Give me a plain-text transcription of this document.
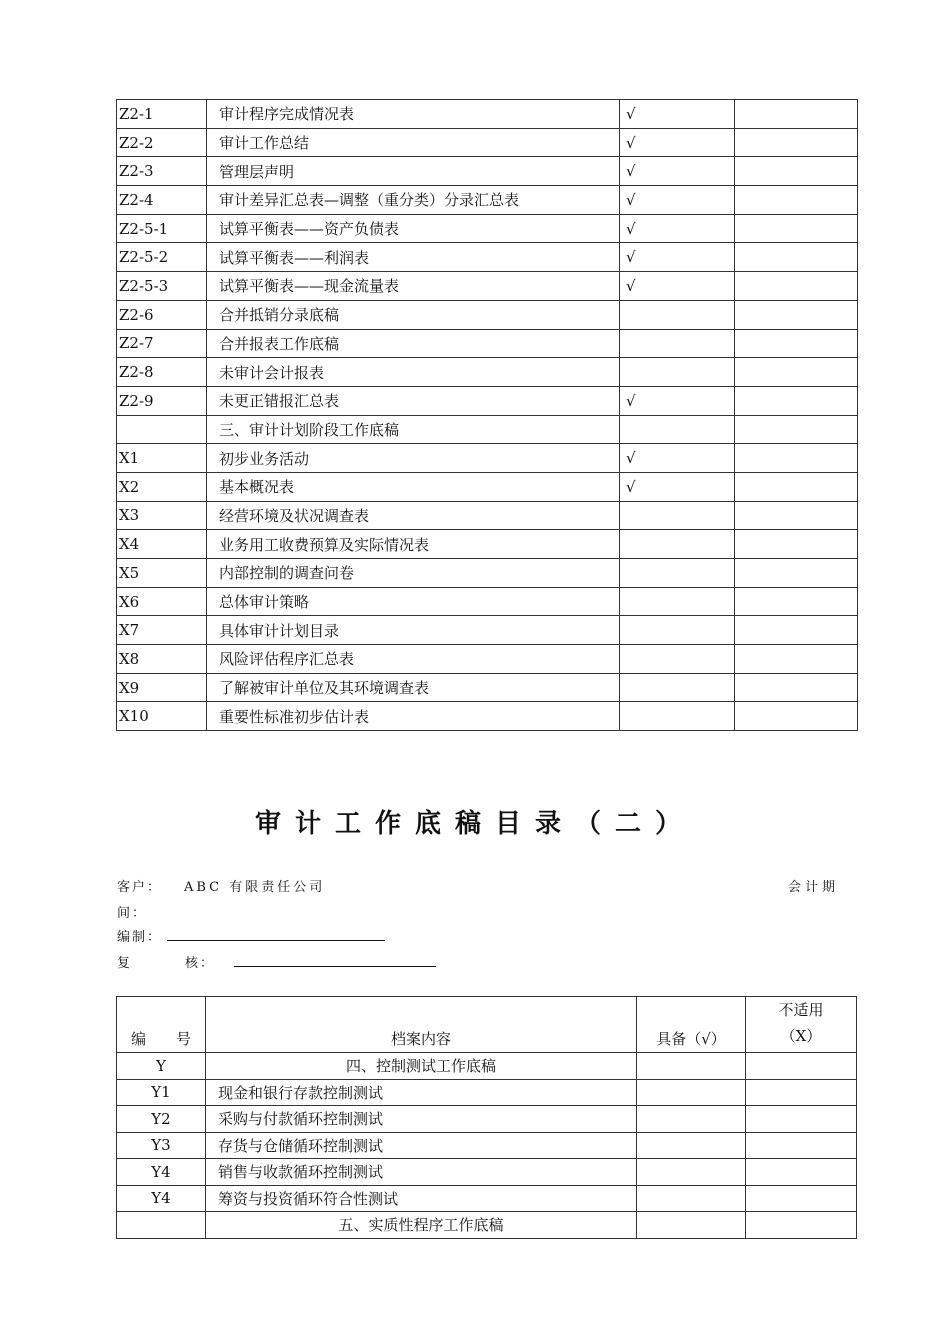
Z2-1	审计程序完成情况表	√	
Z2-2	审计工作总结	√	
Z2-3	管理层声明	√	
Z2-4	审计差异汇总表—调整（重分类）分录汇总表	√	
Z2-5-1	试算平衡表——资产负债表	√	
Z2-5-2	试算平衡表——利润表	√	
Z2-5-3	试算平衡表——现金流量表	√	
Z2-6	合并抵销分录底稿		
Z2-7	合并报表工作底稿		
Z2-8	未审计会计报表		
Z2-9	未更正错报汇总表	√	
	三、审计计划阶段工作底稿		
X1	初步业务活动	√	
X2	基本概况表	√	
X3	经营环境及状况调查表		
X4	业务用工收费预算及实际情况表		
X5	内部控制的调查问卷		
X6	总体审计策略		
X7	具体审计计划目录		
X8	风险评估程序汇总表		
X9	了解被审计单位及其环境调查表		
X10	重要性标准初步估计表		
审计工作底稿目录（二）
客户： ABC 有限责任公司	会计期
间：
编制：
复	核：
编　　号	档案内容	具备（√）	不适用
（X）
Y	四、控制测试工作底稿		
Y1	现金和银行存款控制测试		
Y2	采购与付款循环控制测试		
Y3	存货与仓储循环控制测试		
Y4	销售与收款循环控制测试		
Y4	筹资与投资循环符合性测试		
	五、实质性程序工作底稿		
